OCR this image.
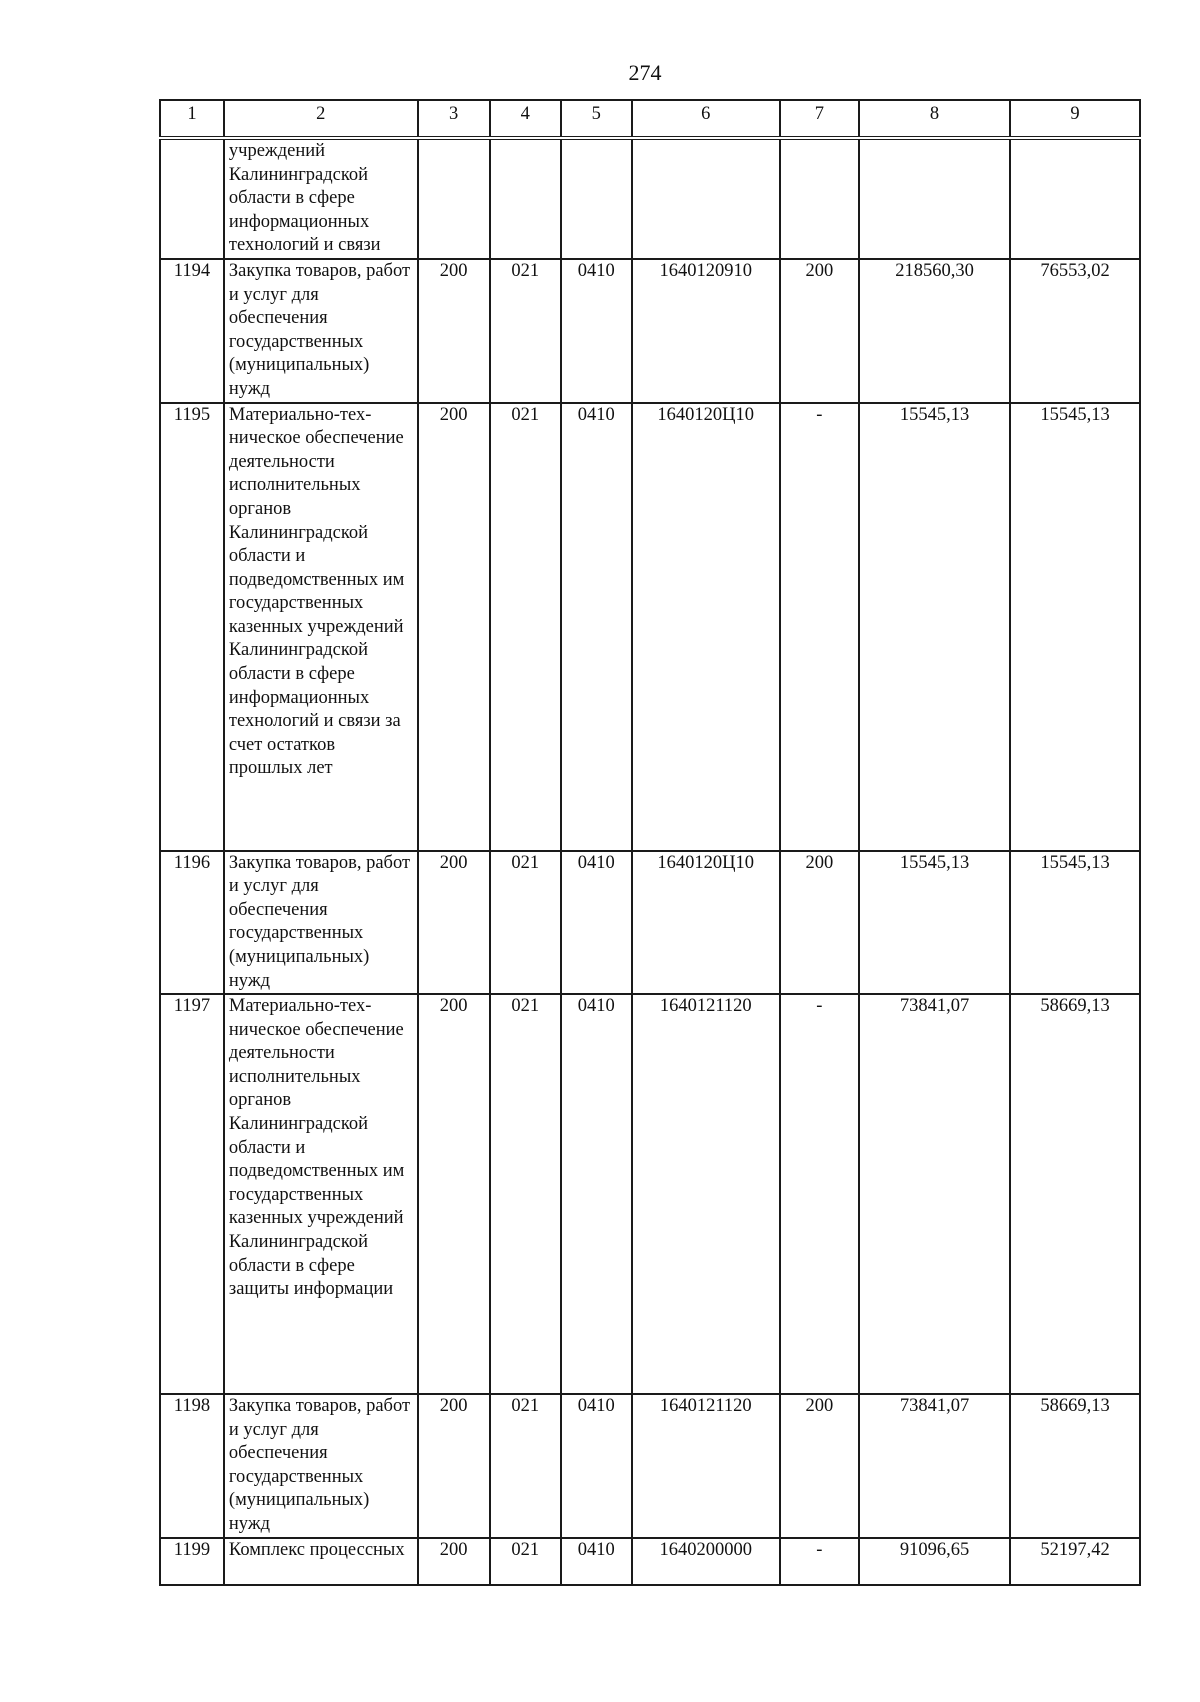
274
1	2	3	4	5	6	7	8	9
	учреждений Калининградской области в сфере информационных технологий и связи							
1194	Закупка товаров, работ и услуг для обеспечения государственных (муниципальных) нужд	200	021	0410	1640120910	200	218560,30	76553,02
1195	Материально-тех-ническое обеспечение деятельности исполнительных органов Калининградской области и подведомственных им государственных казенных учреждений Калининградской области в сфере информационных технологий и связи за счет остатков прошлых лет	200	021	0410	1640120Ц10	-	15545,13	15545,13
1196	Закупка товаров, работ и услуг для обеспечения государственных (муниципальных) нужд	200	021	0410	1640120Ц10	200	15545,13	15545,13
1197	Материально-тех-ническое обеспечение деятельности исполнительных органов Калининградской области и подведомственных им государственных казенных учреждений Калининградской области в сфере защиты информации	200	021	0410	1640121120	-	73841,07	58669,13
1198	Закупка товаров, работ и услуг для обеспечения государственных (муниципальных) нужд	200	021	0410	1640121120	200	73841,07	58669,13
1199	Комплекс процессных	200	021	0410	1640200000	-	91096,65	52197,42
